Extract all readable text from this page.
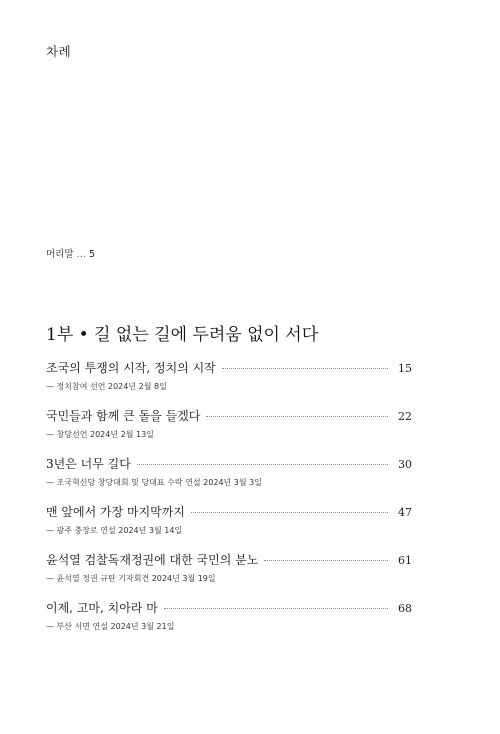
차례
머리말 … 5
1부 • 길 없는 길에 두려움 없이 서다
조국의 투쟁의 시작, 정치의 시작	15
— 정치참여 선언 2024년 2월 8일
국민들과 함께 큰 돌을 들겠다	22
— 창당선언 2024년 2월 13일
3년은 너무 길다	30
— 조국혁신당 창당대회 및 당대표 수락 연설 2024년 3월 3일
맨 앞에서 가장 마지막까지	47
— 광주 충장로 연설 2024년 3월 14일
윤석열 검찰독재정권에 대한 국민의 분노	61
— 윤석열 정권 규탄 기자회견 2024년 3월 19일
이제, 고마, 치아라 마	68
— 부산 서면 연설 2024년 3월 21일
